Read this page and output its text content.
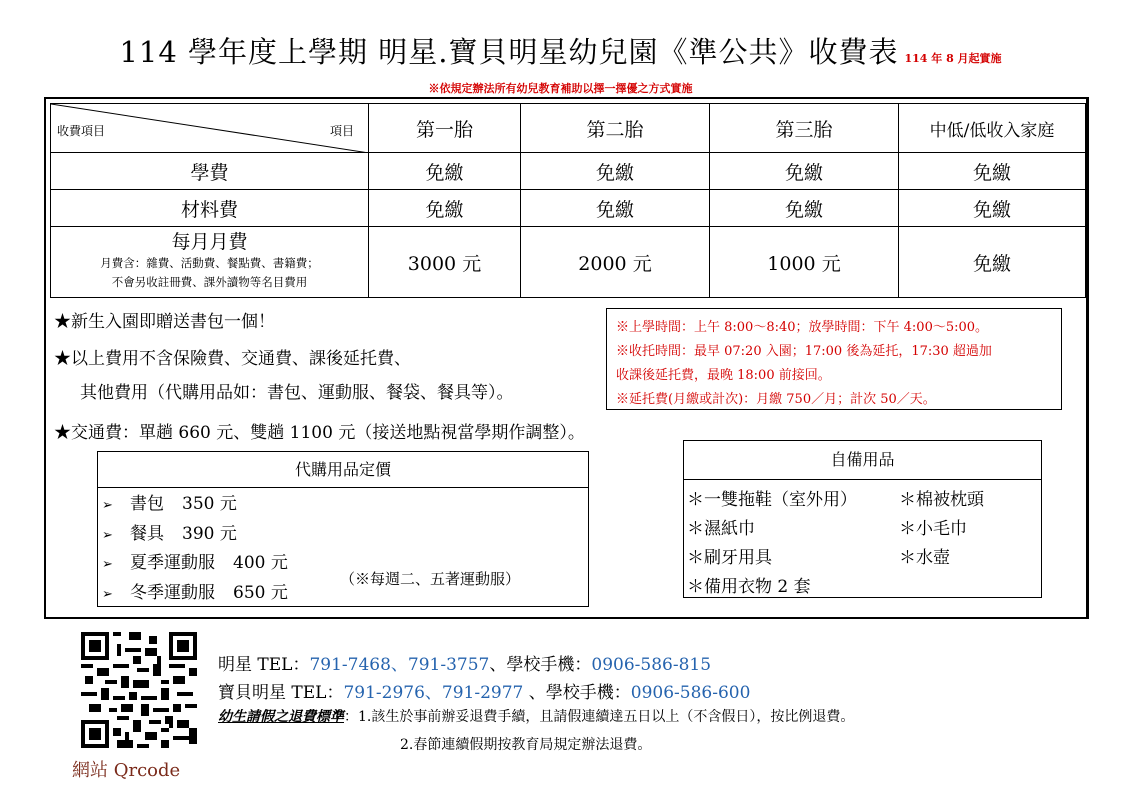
114 學年度上學期 明星.寶貝明星幼兒園《準公共》收費表 114 年 8 月起實施
※依規定辦法所有幼兒教育補助以擇一擇優之方式實施
收費項目 項目	第一胎	第二胎	第三胎	中低/低收入家庭
學費	免繳	免繳	免繳	免繳
材料費	免繳	免繳	免繳	免繳
每月月費
月費含：雜費、活動費、餐點費、書籍費；
不會另收註冊費、課外讀物等名目費用	3000 元	2000 元	1000 元	免繳
★新生入園即贈送書包一個！
★以上費用不含保險費、交通費、課後延托費、
其他費用（代購用品如：書包、運動服、餐袋、餐具等）。
★交通費：單趟 660 元、雙趟 1100 元（接送地點視當學期作調整）。
※上學時間：上午 8:00～8:40；放學時間：下午 4:00～5:00。
※收托時間：最早 07:20 入園；17:00 後為延托，17:30 超過加
收課後延托費，最晚 18:00 前接回。
※延托費(月繳或計次)：月繳 750／月；計次 50／天。
代購用品定價
➢ 書包 350 元
➢ 餐具 390 元
➢ 夏季運動服 400 元
➢ 冬季運動服 650 元
（※每週二、五著運動服）
自備用品
＊一雙拖鞋（室外用） ＊棉被枕頭
＊濕紙巾	＊小毛巾
＊刷牙用具	＊水壺
＊備用衣物 2 套
網站 Qrcode
明星 TEL：791-7468、791-3757、學校手機：0906-586-815
寶貝明星 TEL：791-2976、791-2977 、學校手機：0906-586-600
幼生請假之退費標準：1.該生於事前辦妥退費手續，且請假連續達五日以上（不含假日），按比例退費。
2.春節連續假期按教育局規定辦法退費。
